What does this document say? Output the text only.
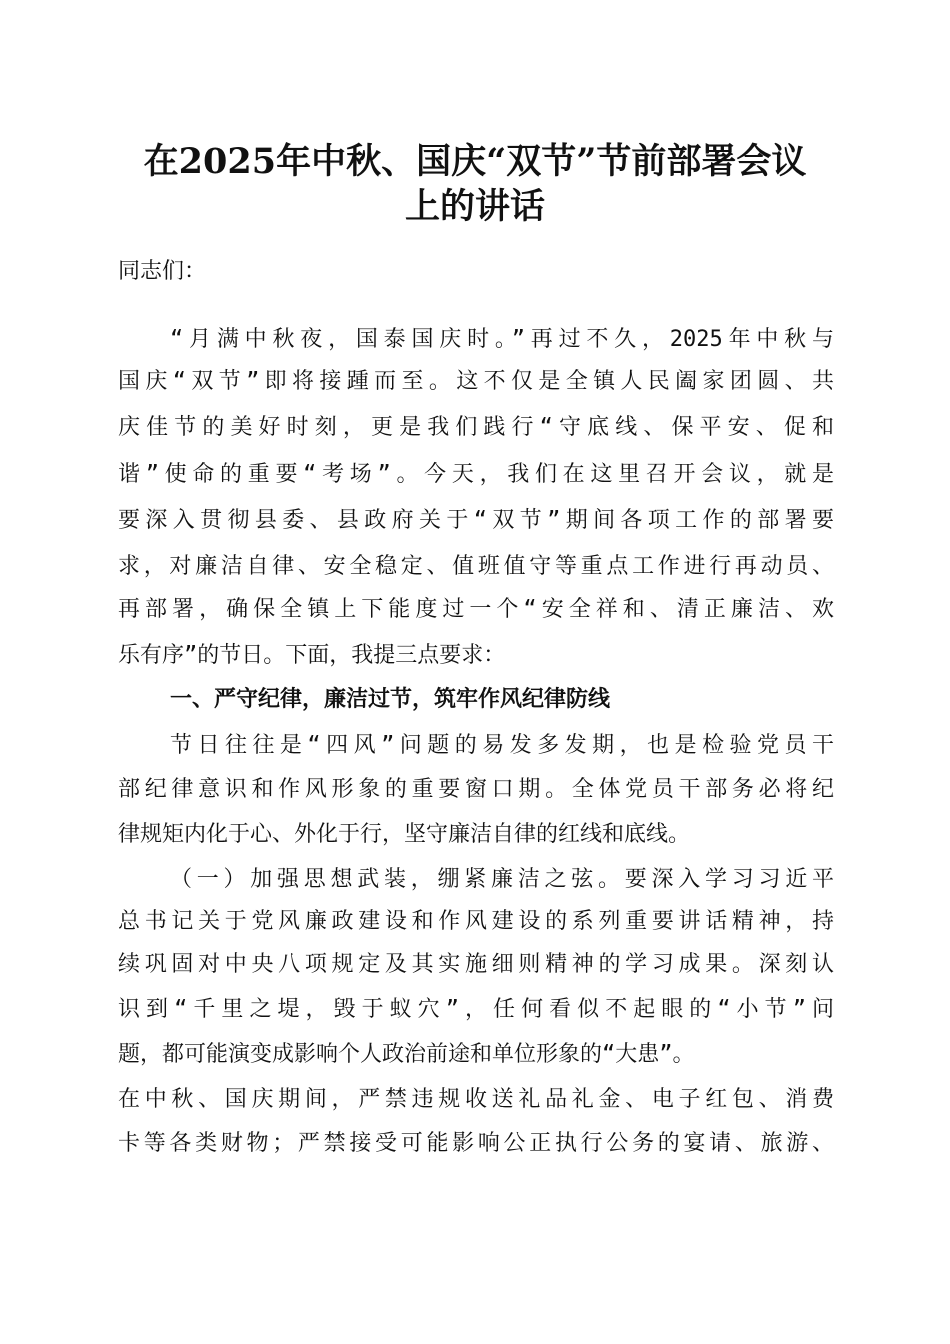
在2025年中秋、国庆“双节”节前部署会议
上的讲话

同志们：

“月满中秋夜，国泰国庆时。”再过不久，2025年中秋与

国庆“双节”即将接踵而至。这不仅是全镇人民阖家团圆、共

庆佳节的美好时刻，更是我们践行“守底线、保平安、促和

谐”使命的重要“考场”。今天，我们在这里召开会议，就是

要深入贯彻县委、县政府关于“双节”期间各项工作的部署要

求，对廉洁自律、安全稳定、值班值守等重点工作进行再动员、

再部署，确保全镇上下能度过一个“安全祥和、清正廉洁、欢

乐有序”的节日。下面，我提三点要求：

一、严守纪律，廉洁过节，筑牢作风纪律防线

节日往往是“四风”问题的易发多发期，也是检验党员干

部纪律意识和作风形象的重要窗口期。全体党员干部务必将纪

律规矩内化于心、外化于行，坚守廉洁自律的红线和底线。

（一）加强思想武装，绷紧廉洁之弦。要深入学习习近平

总书记关于党风廉政建设和作风建设的系列重要讲话精神，持

续巩固对中央八项规定及其实施细则精神的学习成果。深刻认

识到“千里之堤，毁于蚁穴”，任何看似不起眼的“小节”问

题，都可能演变成影响个人政治前途和单位形象的“大患”。

在中秋、国庆期间，严禁违规收送礼品礼金、电子红包、消费

卡等各类财物；严禁接受可能影响公正执行公务的宴请、旅游、
